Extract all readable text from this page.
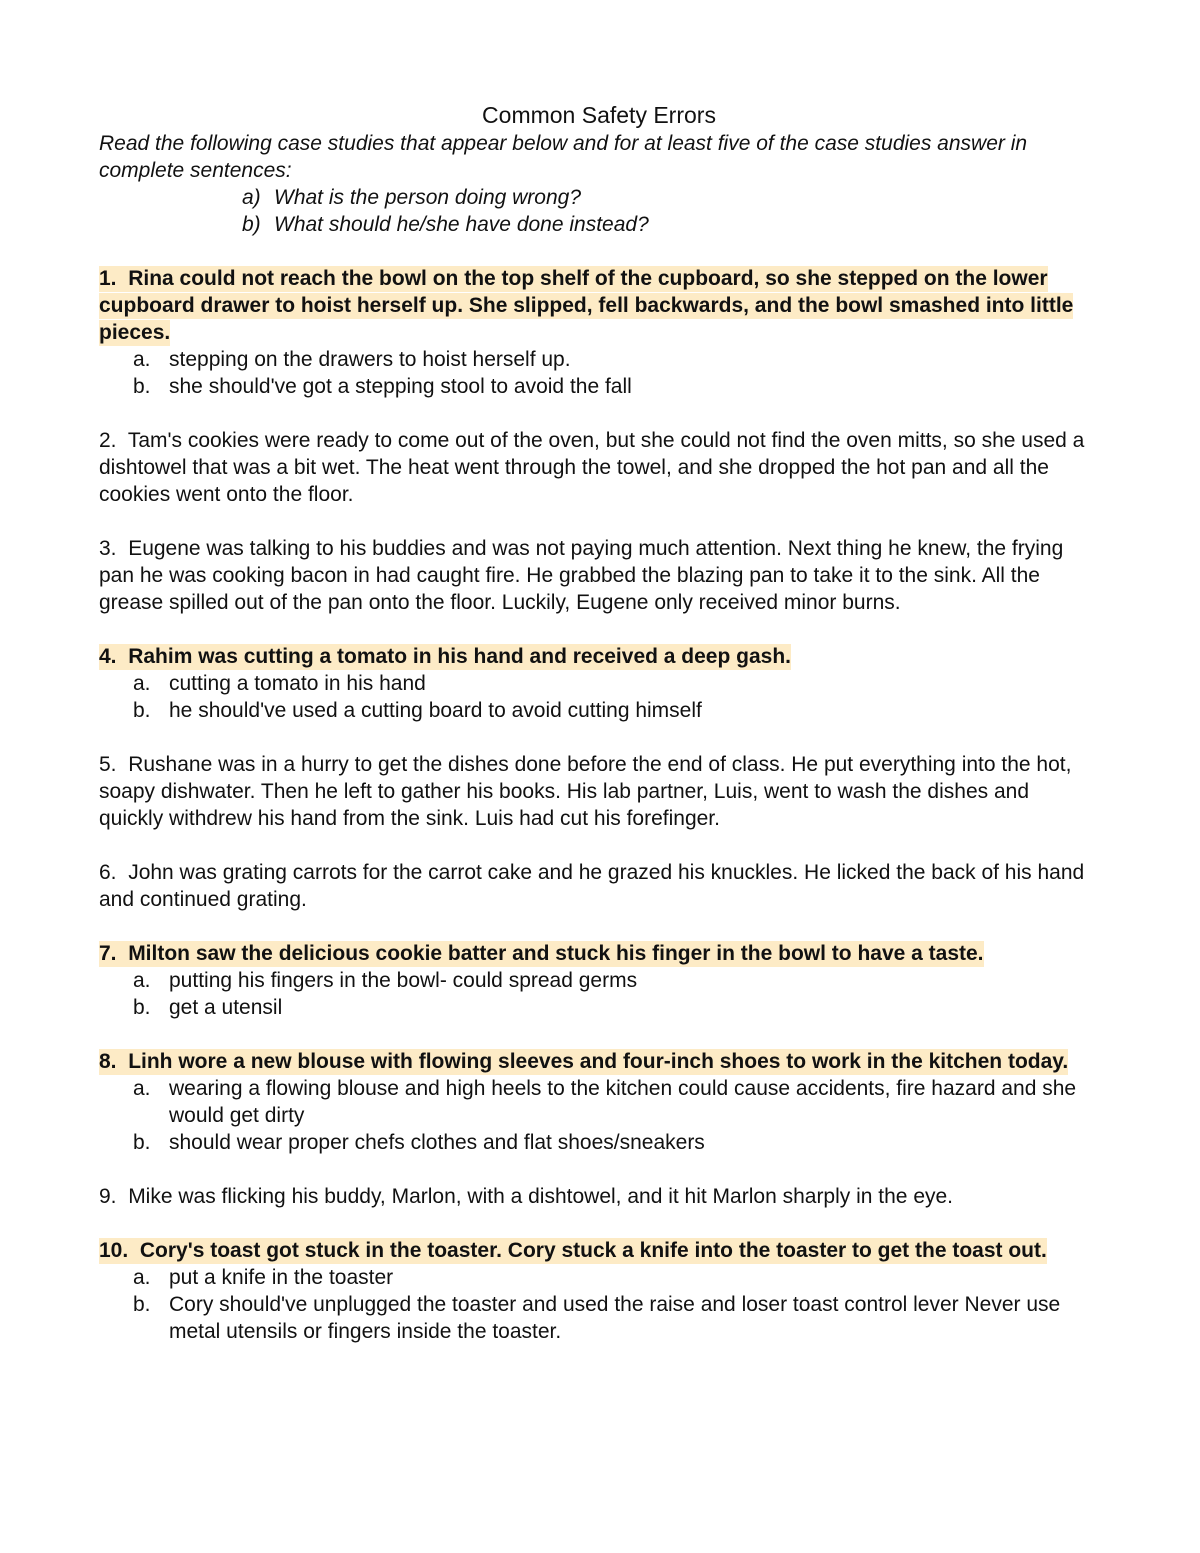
Common Safety Errors

Read the following case studies that appear below and for at least five of the case studies answer in complete sentences:

a) What is the person doing wrong?
b) What should he/she have done instead?

1. Rina could not reach the bowl on the top shelf of the cupboard, so she stepped on the lower cupboard drawer to hoist herself up. She slipped, fell backwards, and the bowl smashed into little pieces.

a. stepping on the drawers to hoist herself up.
b. she should've got a stepping stool to avoid the fall

2. Tam's cookies were ready to come out of the oven, but she could not find the oven mitts, so she used a dishtowel that was a bit wet. The heat went through the towel, and she dropped the hot pan and all the cookies went onto the floor.

3. Eugene was talking to his buddies and was not paying much attention. Next thing he knew, the frying pan he was cooking bacon in had caught fire. He grabbed the blazing pan to take it to the sink. All the grease spilled out of the pan onto the floor. Luckily, Eugene only received minor burns.

4. Rahim was cutting a tomato in his hand and received a deep gash.

a. cutting a tomato in his hand
b. he should've used a cutting board to avoid cutting himself

5. Rushane was in a hurry to get the dishes done before the end of class. He put everything into the hot, soapy dishwater. Then he left to gather his books. His lab partner, Luis, went to wash the dishes and quickly withdrew his hand from the sink. Luis had cut his forefinger.

6. John was grating carrots for the carrot cake and he grazed his knuckles. He licked the back of his hand and continued grating.

7. Milton saw the delicious cookie batter and stuck his finger in the bowl to have a taste.

a. putting his fingers in the bowl- could spread germs
b. get a utensil

8. Linh wore a new blouse with flowing sleeves and four-inch shoes to work in the kitchen today.

a. wearing a flowing blouse and high heels to the kitchen could cause accidents, fire hazard and she would get dirty
b. should wear proper chefs clothes and flat shoes/sneakers

9. Mike was flicking his buddy, Marlon, with a dishtowel, and it hit Marlon sharply in the eye.

10. Cory's toast got stuck in the toaster. Cory stuck a knife into the toaster to get the toast out.

a. put a knife in the toaster
b. Cory should've unplugged the toaster and used the raise and loser toast control lever Never use metal utensils or fingers inside the toaster.
